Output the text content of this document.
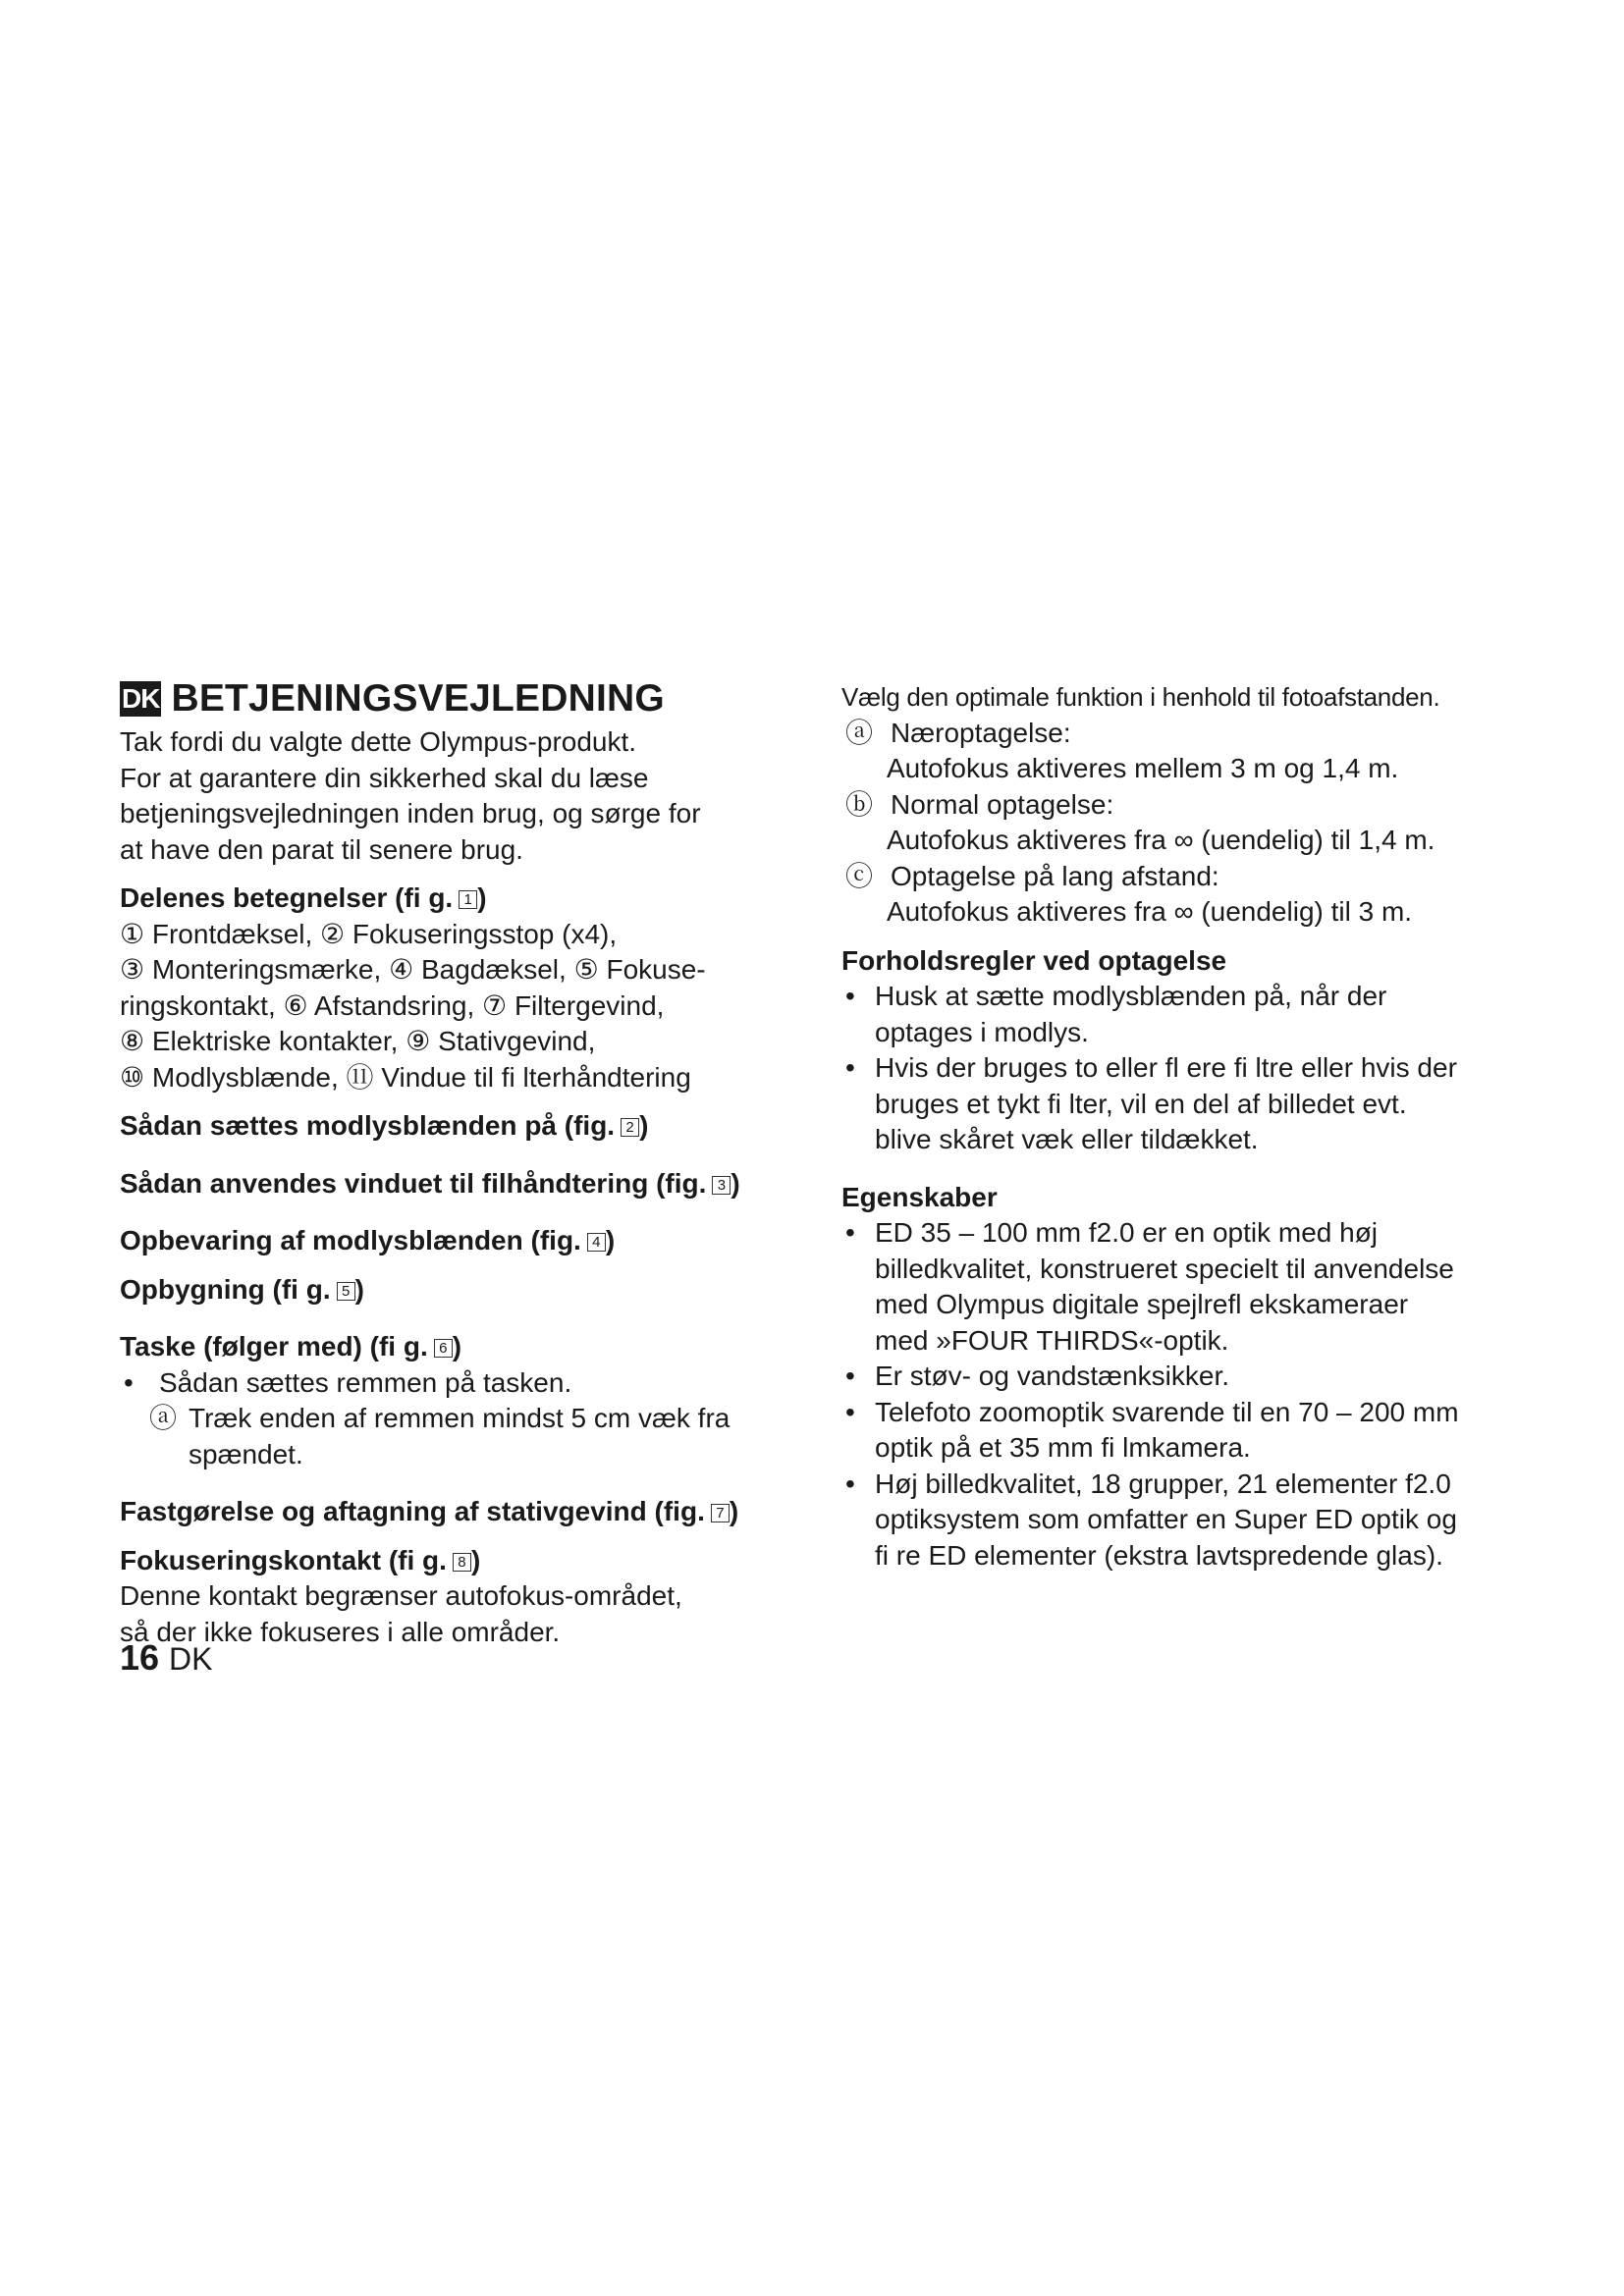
DK BETJENINGSVEJLEDNING

Tak fordi du valgte dette Olympus-produkt.

For at garantere din sikkerhed skal du læse

betjeningsvejledningen inden brug, og sørge for

at have den parat til senere brug.

Delenes betegnelser (fi g. 1 )

① Frontdæksel, ② Fokuseringsstop (x4),

③ Monteringsmærke, ④ Bagdæksel, ⑤ Fokuse-

ringskontakt, ⑥ Afstandsring, ⑦ Filtergevind,

⑧ Elektriske kontakter, ⑨ Stativgevind,

⑩ Modlysblænde, ⑪ Vindue til fi lterhåndtering

Sådan sættes modlysblænden på (fig. 2 )

Sådan anvendes vinduet til filhåndtering (fig. 3 )

Opbevaring af modlysblænden (fig. 4 )

Opbygning (fi g. 5 )

Taske (følger med) (fi g. 6 )

• Sådan sættes remmen på tasken.
ⓐ Træk enden af remmen mindst 5 cm væk fra

spændet.

Fastgørelse og aftagning af stativgevind (fig. 7 )

Fokuseringskontakt (fi g. 8 )

Denne kontakt begrænser autofokus-området,

så der ikke fokuseres i alle områder.

Vælg den optimale funktion i henhold til fotoafstanden.

ⓐ Næroptagelse:

Autofokus aktiveres mellem 3 m og 1,4 m.

ⓑ Normal optagelse:

Autofokus aktiveres fra ∞ (uendelig) til 1,4 m.

ⓒ Optagelse på lang afstand:

Autofokus aktiveres fra ∞ (uendelig) til 3 m.

Forholdsregler ved optagelse

• Husk at sætte modlysblænden på, når der
optages i modlys.
• Hvis der bruges to eller fl ere fi ltre eller hvis der
bruges et tykt fi lter, vil en del af billedet evt.
blive skåret væk eller tildækket.

Egenskaber

• ED 35 – 100 mm f2.0 er en optik med høj
billedkvalitet, konstrueret specielt til anvendelse
med Olympus digitale spejlrefl ekskameraer
med »FOUR THIRDS«-optik.
• Er støv- og vandstænksikker.
• Telefoto zoomoptik svarende til en 70 – 200 mm
optik på et 35 mm fi lmkamera.
• Høj billedkvalitet, 18 grupper, 21 elementer f2.0
optiksystem som omfatter en Super ED optik og
fi re ED elementer (ekstra lavtspredende glas).
16 DK
